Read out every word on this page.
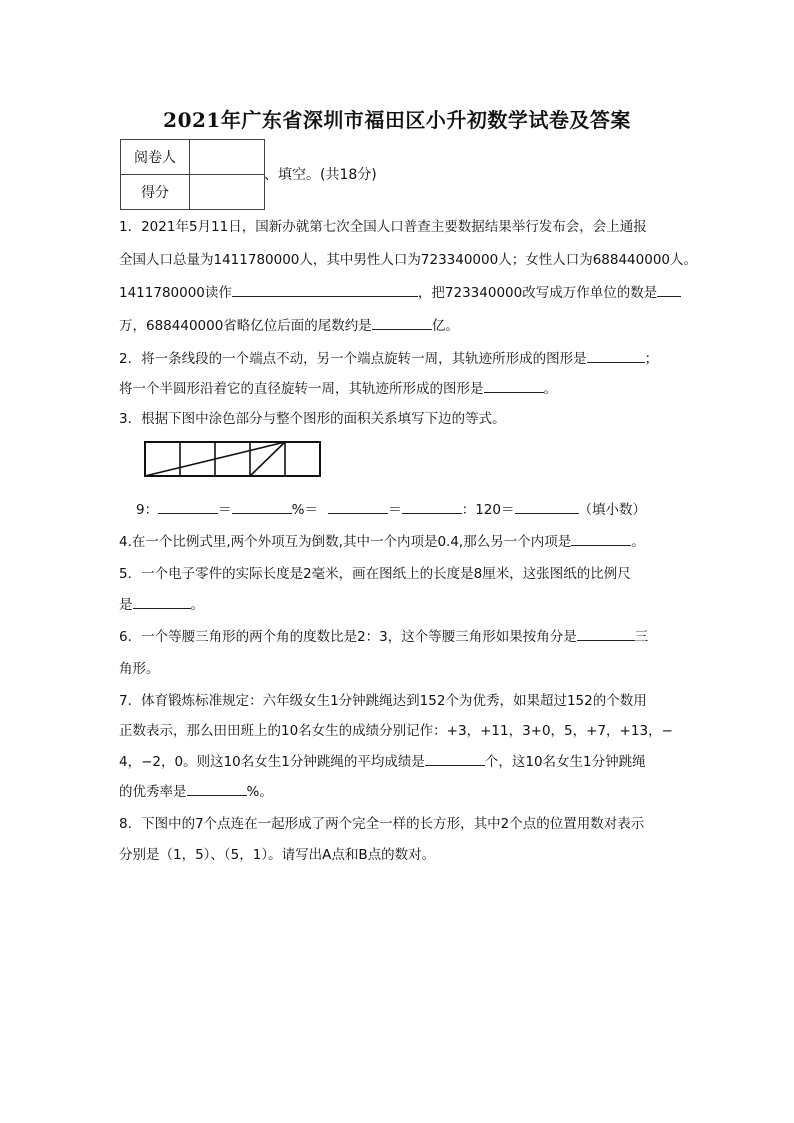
2021年广东省深圳市福田区小升初数学试卷及答案
阅卷人	
得分	
、填空。(共18分)
1．2021年5月11日，国新办就第七次全国人口普查主要数据结果举行发布会，会上通报
全国人口总量为1411780000人，其中男性人口为723340000人；女性人口为688440000人。
1411780000读作	，把723340000改写成万作单位的数是
万，688440000省略亿位后面的尾数约是	亿。
2．将一条线段的一个端点不动，另一个端点旋转一周，其轨迹所形成的图形是	；
将一个半圆形沿着它的直径旋转一周，其轨迹所形成的图形是	。
3．根据下图中涂色部分与整个图形的面积关系填写下边的等式。
9：	＝	%＝	＝	：120＝	（填小数）
4.在一个比例式里,两个外项互为倒数,其中一个内项是0.4,那么另一个内项是	。
5．一个电子零件的实际长度是2毫米，画在图纸上的长度是8厘米，这张图纸的比例尺
是	。
6．一个等腰三角形的两个角的度数比是2：3，这个等腰三角形如果按角分是	三
角形。
7．体育锻炼标准规定：六年级女生1分钟跳绳达到152个为优秀，如果超过152的个数用
正数表示，那么田田班上的10名女生的成绩分别记作：+3，+11，3+0，5，+7，+13，−
4，−2，0。则这10名女生1分钟跳绳的平均成绩是	个，这10名女生1分钟跳绳
的优秀率是	%。
8．下图中的7个点连在一起形成了两个完全一样的长方形，其中2个点的位置用数对表示
分别是（1，5）、（5，1）。请写出A点和B点的数对。
